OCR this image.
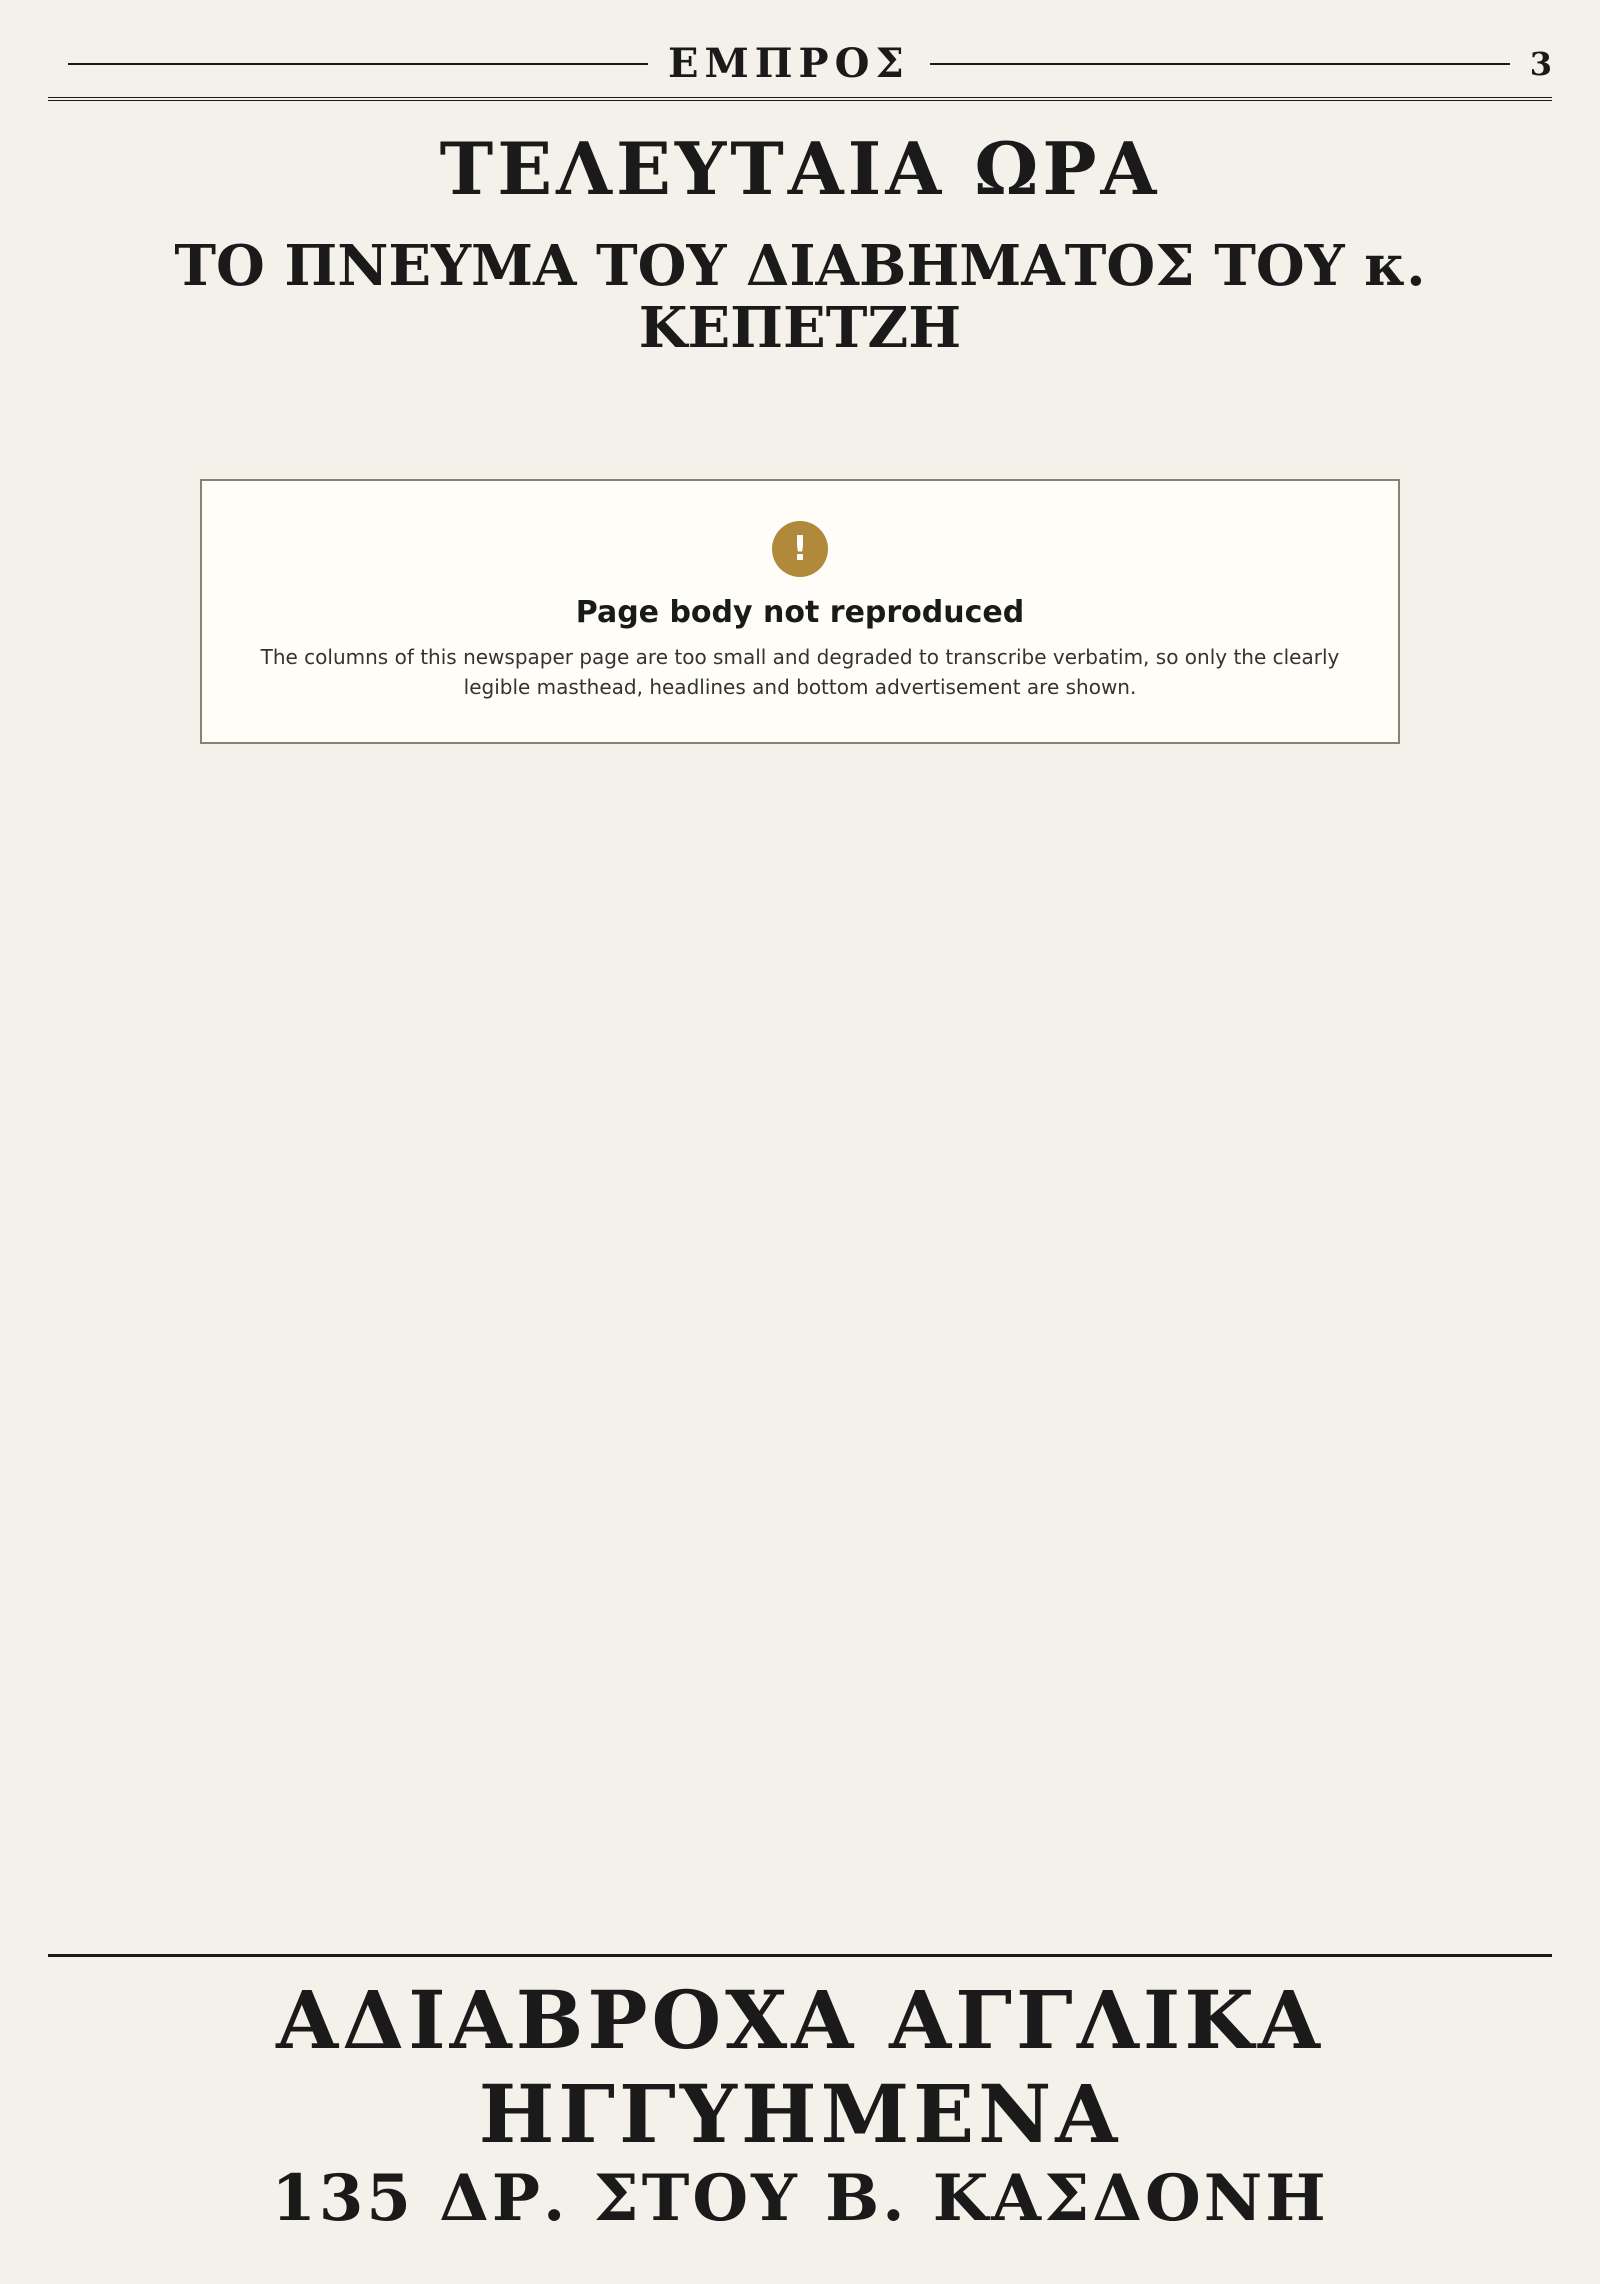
ΕΜΠΡΟΣ	3
ΤΕΛΕΥΤΑΙΑ ΩΡΑ
ΤΟ ΠΝΕΥΜΑ ΤΟΥ ΔΙΑΒΗΜΑΤΟΣ ΤΟΥ κ. ΚΕΠΕΤΖΗ
!
Page body not reproduced

The columns of this newspaper page are too small and degraded to transcribe verbatim, so only the clearly legible masthead, headlines and bottom advertisement are shown.

ΑΔΙΑΒΡΟΧΑ ΑΓΓΛΙΚΑ ΗΓΓΥΗΜΕΝΑ
135 ΔΡ. ΣΤΟΥ Β. ΚΑΣΔΟΝΗ
